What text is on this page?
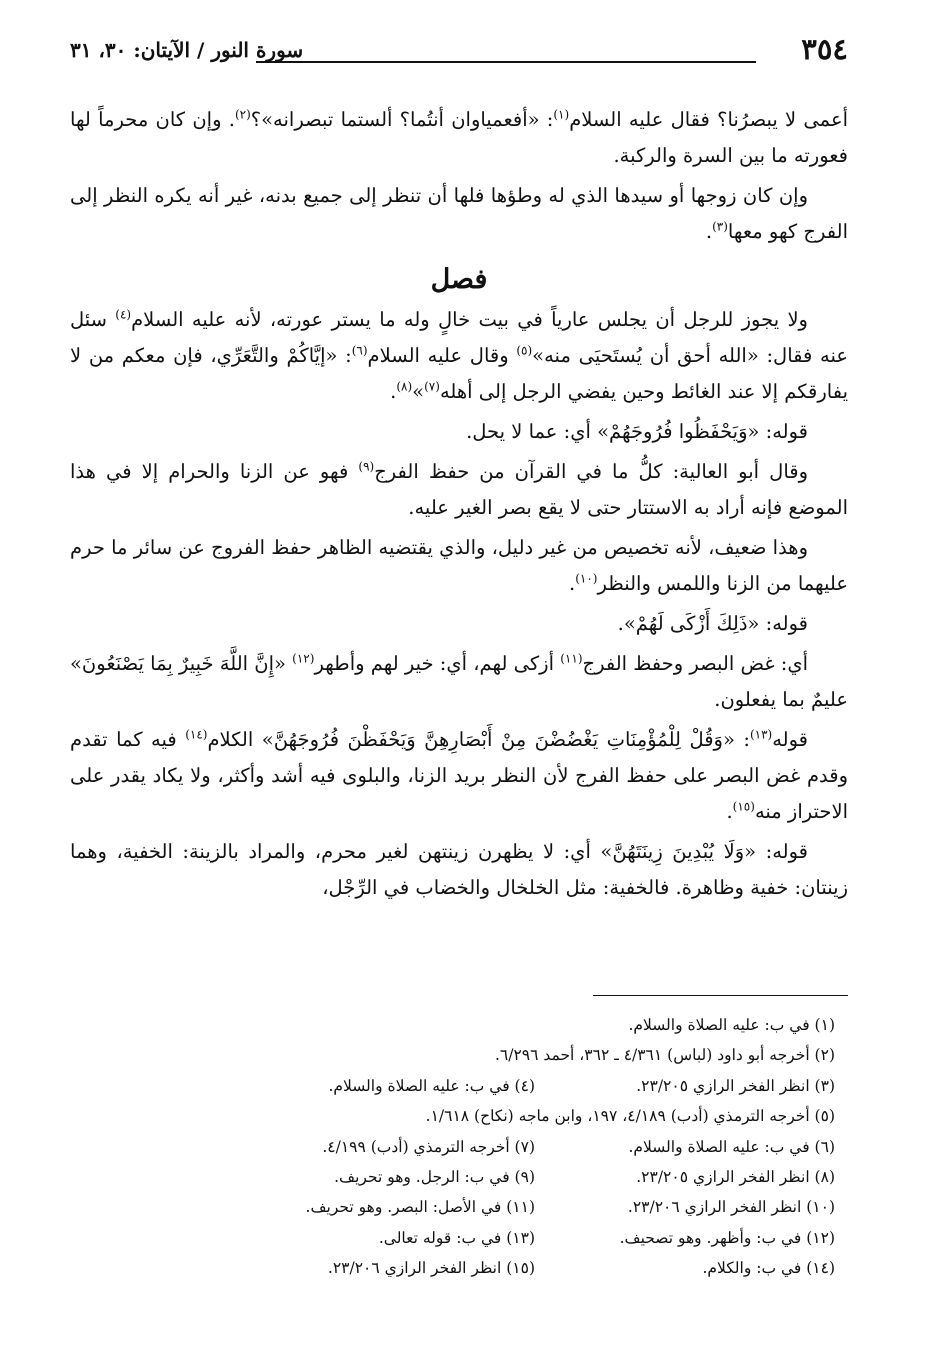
٣٥٤
سورة النور / الآيتان: ٣٠، ٣١

أعمى لا يبصرُنا؟ فقال عليه السلام$^{(١)}$: «أفعمياوان أنتُما؟ ألستما تبصرانه»؟$^{(٢)}$. وإن كان محرماً لها فعورته ما بين السرة والركبة.

وإن كان زوجها أو سيدها الذي له وطؤها فلها أن تنظر إلى جميع بدنه، غير أنه يكره النظر إلى الفرج كهو معها$^{(٣)}$.

فصل

ولا يجوز للرجل أن يجلس عارياً في بيت خالٍ وله ما يستر عورته، لأنه عليه السلام$^{(٤)}$ سئل عنه فقال: «الله أحق أن يُستَحيَى منه»$^{(٥)}$ وقال عليه السلام$^{(٦)}$: «إيَّاكُمْ والتَّعَرِّي، فإن معكم من لا يفارقكم إلا عند الغائط وحين يفضي الرجل إلى أهله$^{(٧)}$»$^{(٨)}$.

قوله: «وَيَحْفَظُوا فُرُوجَهُمْ» أي: عما لا يحل.

وقال أبو العالية: كلُّ ما في القرآن من حفظ الفرج$^{(٩)}$ فهو عن الزنا والحرام إلا في هذا الموضع فإنه أراد به الاستتار حتى لا يقع بصر الغير عليه.

وهذا ضعيف، لأنه تخصيص من غير دليل، والذي يقتضيه الظاهر حفظ الفروج عن سائر ما حرم عليهما من الزنا واللمس والنظر$^{(١٠)}$.

قوله: «ذَلِكَ أَزْكَى لَهُمْ».

أي: غض البصر وحفظ الفرج$^{(١١)}$ أزكى لهم، أي: خير لهم وأطهر$^{(١٢)}$ «إِنَّ اللَّهَ خَبِيرٌ بِمَا يَصْنَعُونَ» عليمٌ بما يفعلون.

قوله$^{(١٣)}$: «وَقُلْ لِلْمُؤْمِنَاتِ يَغْضُضْنَ مِنْ أَبْصَارِهِنَّ وَيَحْفَظْنَ فُرُوجَهُنَّ» الكلام$^{(١٤)}$ فيه كما تقدم وقدم غض البصر على حفظ الفرج لأن النظر بريد الزنا، والبلوى فيه أشد وأكثر، ولا يكاد يقدر على الاحتراز منه$^{(١٥)}$.

قوله: «وَلَا يُبْدِينَ زِينَتَهُنَّ» أي: لا يظهرن زينتهن لغير محرم، والمراد بالزينة: الخفية، وهما زينتان: خفية وظاهرة. فالخفية: مثل الخلخال والخضاب في الرِّجْل،

(١) في ب: عليه الصلاة والسلام.
(٢) أخرجه أبو داود (لباس) ٤/٣٦١ ـ ٣٦٢، أحمد ٦/٢٩٦.
(٣) انظر الفخر الرازي ٢٣/٢٠٥.
(٤) في ب: عليه الصلاة والسلام.
(٥) أخرجه الترمذي (أدب) ٤/١٨٩، ١٩٧، وابن ماجه (نكاح) ١/٦١٨.
(٦) في ب: عليه الصلاة والسلام.
(٧) أخرجه الترمذي (أدب) ٤/١٩٩.
(٨) انظر الفخر الرازي ٢٣/٢٠٥.
(٩) في ب: الرجل. وهو تحريف.
(١٠) انظر الفخر الرازي ٢٣/٢٠٦.
(١١) في الأصل: البصر. وهو تحريف.
(١٢) في ب: وأظهر. وهو تصحيف.
(١٣) في ب: قوله تعالى.
(١٤) في ب: والكلام.
(١٥) انظر الفخر الرازي ٢٣/٢٠٦.
